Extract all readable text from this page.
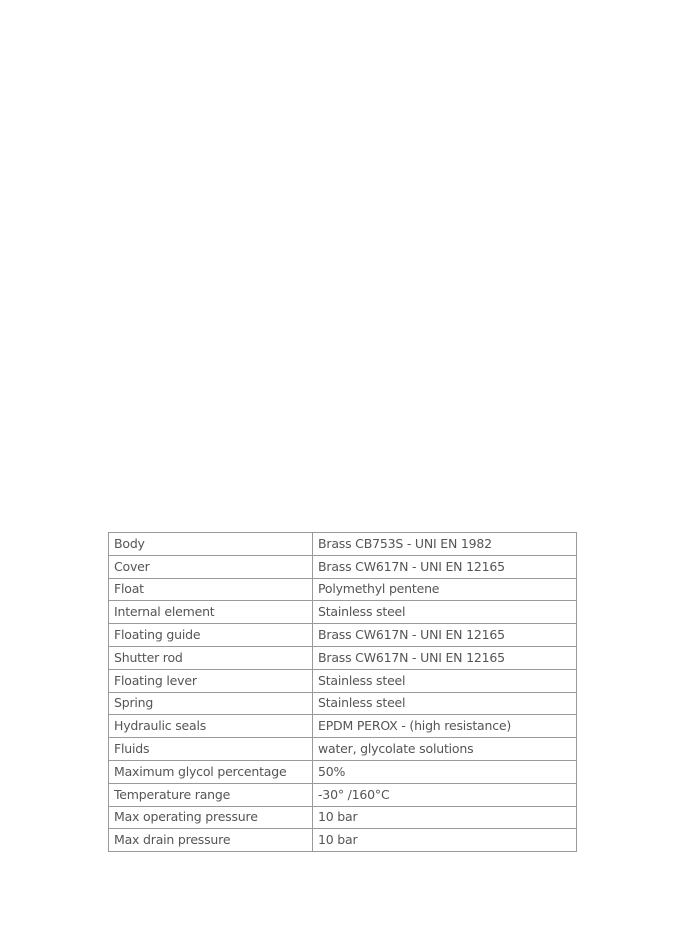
Body	Brass CB753S - UNI EN 1982
Cover	Brass CW617N - UNI EN 12165
Float	Polymethyl pentene
Internal element	Stainless steel
Floating guide	Brass CW617N - UNI EN 12165
Shutter rod	Brass CW617N - UNI EN 12165
Floating lever	Stainless steel
Spring	Stainless steel
Hydraulic seals	EPDM PEROX - (high resistance)
Fluids	water, glycolate solutions
Maximum glycol percentage	50%
Temperature range	-30° /160°C
Max operating pressure	10 bar
Max drain pressure	10 bar
